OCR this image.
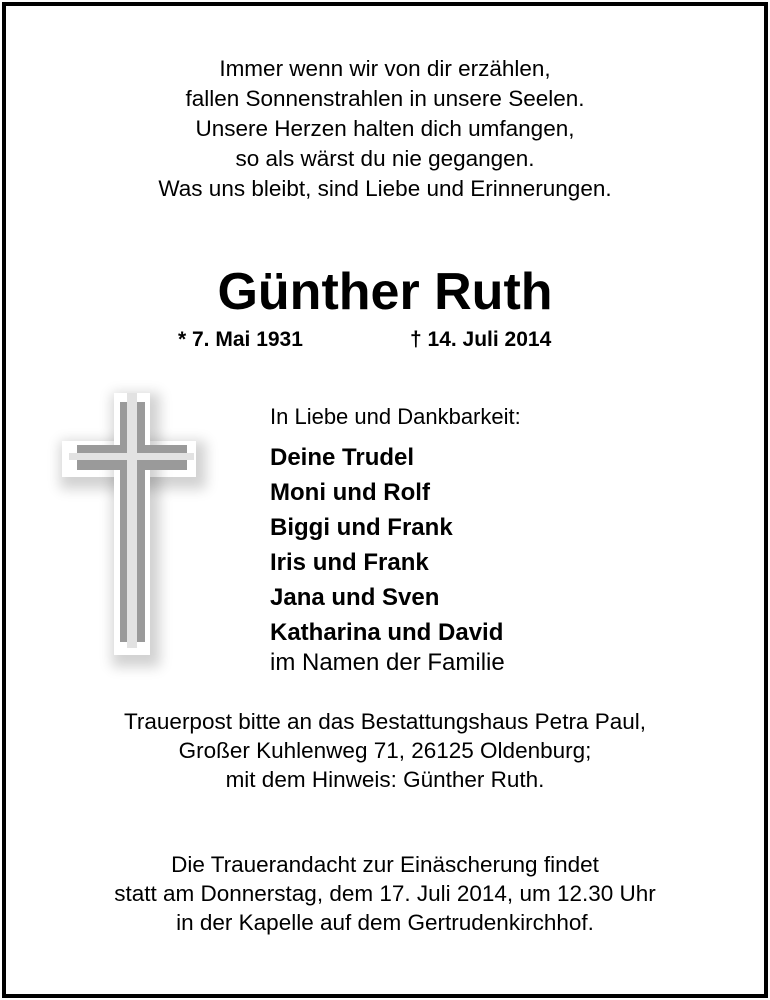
Immer wenn wir von dir erzählen,
fallen Sonnenstrahlen in unsere Seelen.
Unsere Herzen halten dich umfangen,
so als wärst du nie gegangen.
Was uns bleibt, sind Liebe und Erinnerungen.
Günther Ruth
* 7. Mai 1931	† 14. Juli 2014
In Liebe und Dankbarkeit:
Deine Trudel
Moni und Rolf
Biggi und Frank
Iris und Frank
Jana und Sven
Katharina und David
im Namen der Familie
Trauerpost bitte an das Bestattungshaus Petra Paul,
Großer Kuhlenweg 71, 26125 Oldenburg;
mit dem Hinweis: Günther Ruth.
Die Trauerandacht zur Einäscherung findet
statt am Donnerstag, dem 17. Juli 2014, um 12.30 Uhr
in der Kapelle auf dem Gertrudenkirchhof.
